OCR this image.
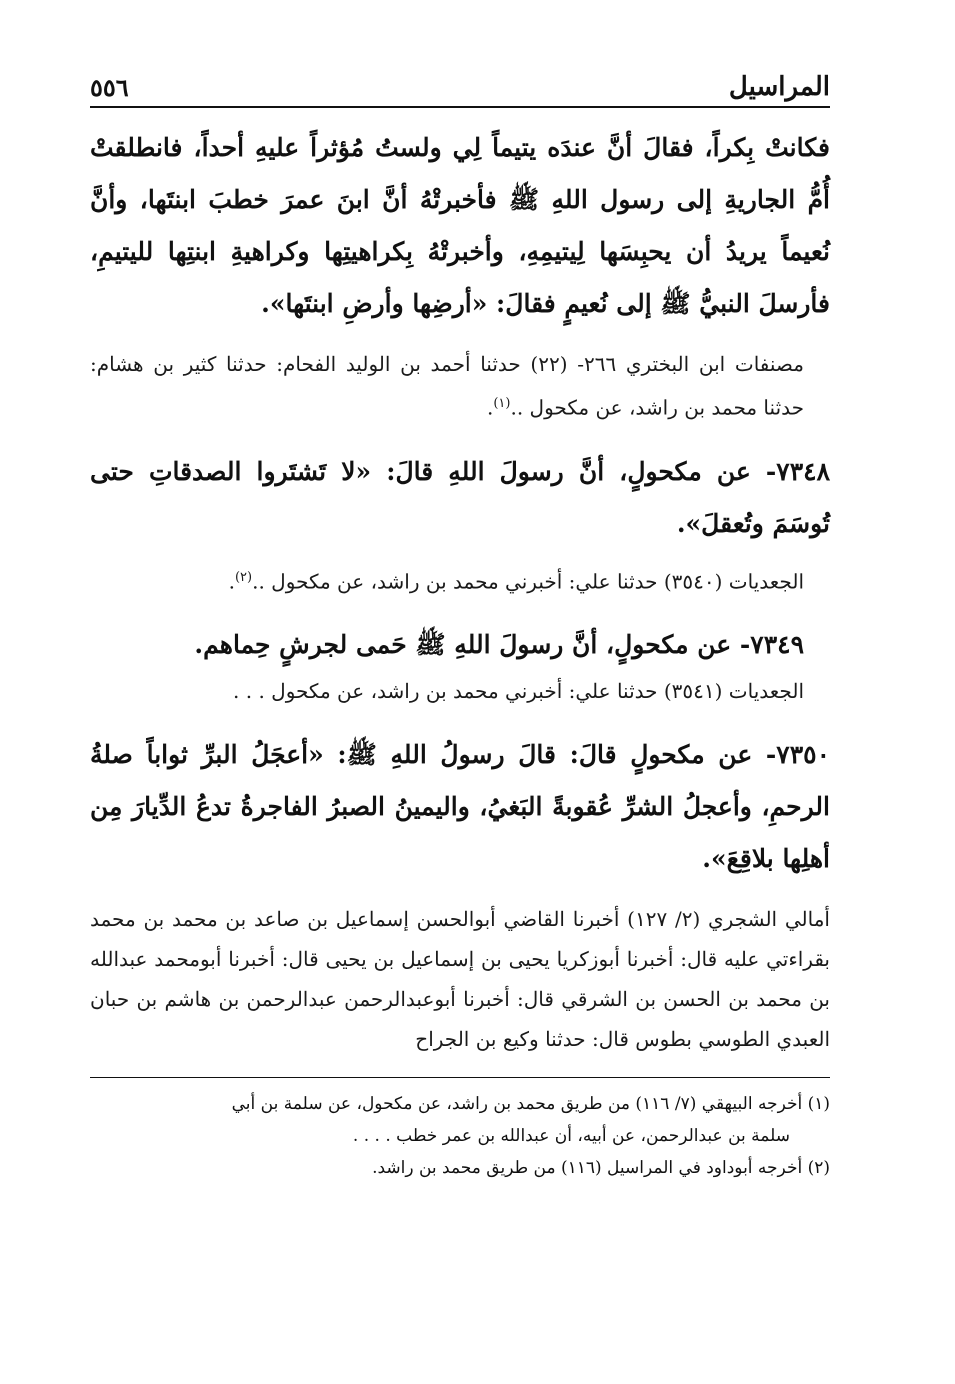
المراسيل
٥٥٦

فكانتْ بِكراً، فقالَ أنَّ عندَه يتيماً لِي ولستُ مُؤثراً عليهِ أحداً، فانطلقتْ أُمُّ الجاريةِ إلى رسول اللهِ ﷺ فأخبرتْهُ أنَّ ابنَ عمرَ خطبَ ابنتَها، وأنَّ نُعيماً يريدُ أن يحبِسَها لِيتيمِهِ، وأخبرتْهُ بِكراهيتِها وكراهيةِ ابنتِها لليتيمِ، فأرسلَ النبيُّ ﷺ إلى نُعيمٍ فقالَ: «أرضِها وأرضِ ابنتَها».

مصنفات ابن البختري ٢٦٦- (٢٢) حدثنا أحمد بن الوليد الفحام: حدثنا كثير بن هشام: حدثنا محمد بن راشد، عن مكحول ..$^{(١)}$.

٧٣٤٨- عن مكحولٍ، أنَّ رسولَ اللهِ قالَ: «لا تَشتَروا الصدقاتِ حتى تُوسَمَ وتُعقلَ».

الجعديات (٣٥٤٠) حدثنا علي: أخبرني محمد بن راشد، عن مكحول ..$^{(٢)}$.

٧٣٤٩- عن مكحولٍ، أنَّ رسولَ اللهِ ﷺ حَمى لجرشٍ حِماهم.

الجعديات (٣٥٤١) حدثنا علي: أخبرني محمد بن راشد، عن مكحول . . .

٧٣٥٠- عن مكحولٍ قالَ: قالَ رسولُ اللهِ ﷺ: «أعجَلُ البرِّ ثواباً صلةُ الرحمِ، وأعجلُ الشرِّ عُقوبةً البَغيُ، واليمينُ الصبرُ الفاجرةُ تدعُ الدِّيارَ مِن أهلِها بلاقِعَ».

أمالي الشجري (٢/ ١٢٧) أخبرنا القاضي أبوالحسن إسماعيل بن صاعد بن محمد بن محمد بقراءتي عليه قال: أخبرنا أبوزكريا يحيى بن إسماعيل بن يحيى قال: أخبرنا أبومحمد عبدالله بن محمد بن الحسن بن الشرقي قال: أخبرنا أبوعبدالرحمن عبدالرحمن بن هاشم بن حبان العبدي الطوسي بطوس قال: حدثنا وكيع بن الجراح

(١) أخرجه البيهقي (٧/ ١١٦) من طريق محمد بن راشد، عن مكحول، عن سلمة بن أبي

سلمة بن عبدالرحمن، عن أبيه، أن عبدالله بن عمر خطب . . . .

(٢) أخرجه أبوداود في المراسيل (١١٦) من طريق محمد بن راشد.
